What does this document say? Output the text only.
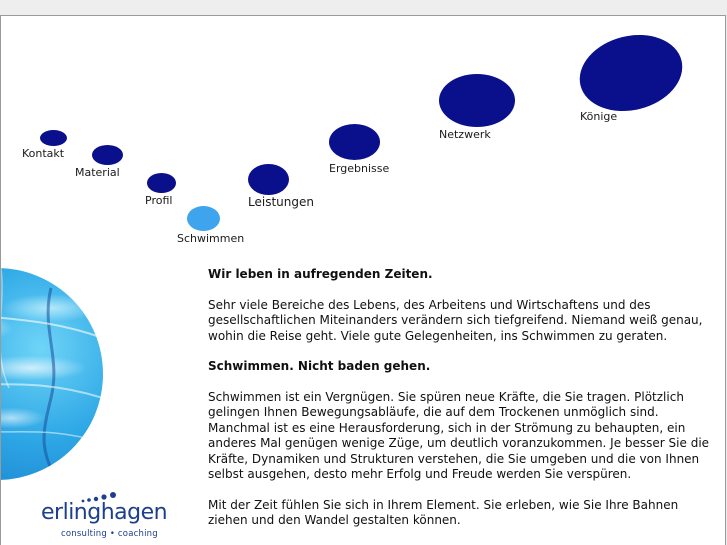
Kontakt
Material
Profil
Schwimmen
Leistungen
Ergebnisse
Netzwerk
Könige
erlinghagen
consulting • coaching
Wir leben in aufregenden Zeiten.

Sehr viele Bereiche des Lebens, des Arbeitens und Wirtschaftens und des gesellschaftlichen Miteinanders verändern sich tiefgreifend. Niemand weiß genau, wohin die Reise geht. Viele gute Gelegenheiten, ins Schwimmen zu geraten.

Schwimmen. Nicht baden gehen.

Schwimmen ist ein Vergnügen. Sie spüren neue Kräfte, die Sie tragen. Plötzlich gelingen Ihnen Bewegungsabläufe, die auf dem Trockenen unmöglich sind. Manchmal ist es eine Herausforderung, sich in der Strömung zu behaupten, ein anderes Mal genügen wenige Züge, um deutlich voranzukommen. Je besser Sie die Kräfte, Dynamiken und Strukturen verstehen, die Sie umgeben und die von Ihnen selbst ausgehen, desto mehr Erfolg und Freude werden Sie verspüren.

Mit der Zeit fühlen Sie sich in Ihrem Element. Sie erleben, wie Sie Ihre Bahnen ziehen und den Wandel gestalten können.
